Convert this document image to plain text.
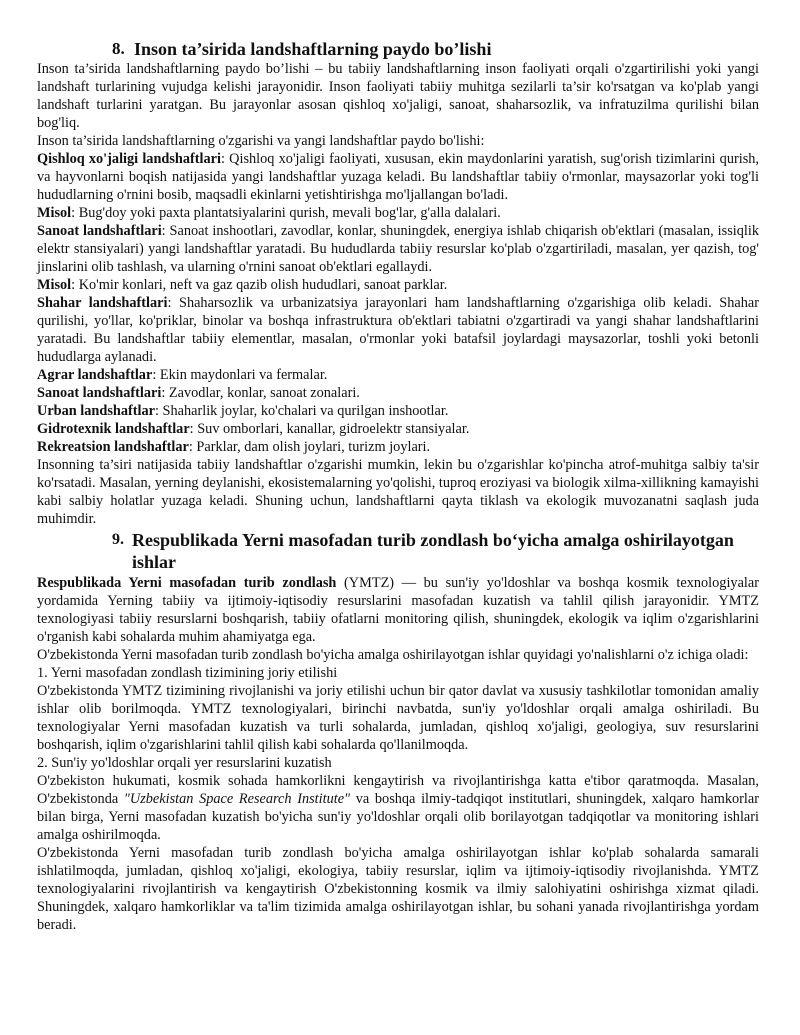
8. Inson ta’sirida landshaftlarning paydo bo’lishi

Inson ta’sirida landshaftlarning paydo bo’lishi – bu tabiiy landshaftlarning inson faoliyati orqali o'zgartirilishi yoki yangi landshaft turlarining vujudga kelishi jarayonidir. Inson faoliyati tabiiy muhitga sezilarli ta’sir ko'rsatgan va ko'plab yangi landshaft turlarini yaratgan. Bu jarayonlar asosan qishloq xo'jaligi, sanoat, shaharsozlik, va infratuzilma qurilishi bilan bog'liq.

Inson ta’sirida landshaftlarning o'zgarishi va yangi landshaftlar paydo bo'lishi:

Qishloq xo'jaligi landshaftlari: Qishloq xo'jaligi faoliyati, xususan, ekin maydonlarini yaratish, sug'orish tizimlarini qurish, va hayvonlarni boqish natijasida yangi landshaftlar yuzaga keladi. Bu landshaftlar tabiiy o'rmonlar, maysazorlar yoki tog'li hududlarning o'rnini bosib, maqsadli ekinlarni yetishtirishga mo'ljallangan bo'ladi.

Misol: Bug'doy yoki paxta plantatsiyalarini qurish, mevali bog'lar, g'alla dalalari.

Sanoat landshaftlari: Sanoat inshootlari, zavodlar, konlar, shuningdek, energiya ishlab chiqarish ob'ektlari (masalan, issiqlik elektr stansiyalari) yangi landshaftlar yaratadi. Bu hududlarda tabiiy resurslar ko'plab o'zgartiriladi, masalan, yer qazish, tog' jinslarini olib tashlash, va ularning o'rnini sanoat ob'ektlari egallaydi.

Misol: Ko'mir konlari, neft va gaz qazib olish hududlari, sanoat parklar.

Shahar landshaftlari: Shaharsozlik va urbanizatsiya jarayonlari ham landshaftlarning o'zgarishiga olib keladi. Shahar qurilishi, yo'llar, ko'priklar, binolar va boshqa infrastruktura ob'ektlari tabiatni o'zgartiradi va yangi shahar landshaftlarini yaratadi. Bu landshaftlar tabiiy elementlar, masalan, o'rmonlar yoki batafsil joylardagi maysazorlar, toshli yoki betonli hududlarga aylanadi.

Agrar landshaftlar: Ekin maydonlari va fermalar.

Sanoat landshaftlari: Zavodlar, konlar, sanoat zonalari.

Urban landshaftlar: Shaharlik joylar, ko'chalari va qurilgan inshootlar.

Gidrotexnik landshaftlar: Suv omborlari, kanallar, gidroelektr stansiyalar.

Rekreatsion landshaftlar: Parklar, dam olish joylari, turizm joylari.

Insonning ta’siri natijasida tabiiy landshaftlar o'zgarishi mumkin, lekin bu o'zgarishlar ko'pincha atrof-muhitga salbiy ta'sir ko'rsatadi. Masalan, yerning deylanishi, ekosistemalarning yo'qolishi, tuproq eroziyasi va biologik xilma-xillikning kamayishi kabi salbiy holatlar yuzaga keladi. Shuning uchun, landshaftlarni qayta tiklash va ekologik muvozanatni saqlash juda muhimdir.

9. Respublikada Yerni masofadan turib zondlash bo‘yicha amalga oshirilayotgan ishlar

Respublikada Yerni masofadan turib zondlash (YMTZ) — bu sun'iy yo'ldoshlar va boshqa kosmik texnologiyalar yordamida Yerning tabiiy va ijtimoiy-iqtisodiy resurslarini masofadan kuzatish va tahlil qilish jarayonidir. YMTZ texnologiyasi tabiiy resurslarni boshqarish, tabiiy ofatlarni monitoring qilish, shuningdek, ekologik va iqlim o'zgarishlarini o'rganish kabi sohalarda muhim ahamiyatga ega.

O'zbekistonda Yerni masofadan turib zondlash bo'yicha amalga oshirilayotgan ishlar quyidagi yo'nalishlarni o'z ichiga oladi:

1. Yerni masofadan zondlash tizimining joriy etilishi

O'zbekistonda YMTZ tizimining rivojlanishi va joriy etilishi uchun bir qator davlat va xususiy tashkilotlar tomonidan amaliy ishlar olib borilmoqda. YMTZ texnologiyalari, birinchi navbatda, sun'iy yo'ldoshlar orqali amalga oshiriladi. Bu texnologiyalar Yerni masofadan kuzatish va turli sohalarda, jumladan, qishloq xo'jaligi, geologiya, suv resurslarini boshqarish, iqlim o'zgarishlarini tahlil qilish kabi sohalarda qo'llanilmoqda.

2. Sun'iy yo'ldoshlar orqali yer resurslarini kuzatish

O'zbekiston hukumati, kosmik sohada hamkorlikni kengaytirish va rivojlantirishga katta e'tibor qaratmoqda. Masalan, O'zbekistonda "Uzbekistan Space Research Institute" va boshqa ilmiy-tadqiqot institutlari, shuningdek, xalqaro hamkorlar bilan birga, Yerni masofadan kuzatish bo'yicha sun'iy yo'ldoshlar orqali olib borilayotgan tadqiqotlar va monitoring ishlari amalga oshirilmoqda.

O'zbekistonda Yerni masofadan turib zondlash bo'yicha amalga oshirilayotgan ishlar ko'plab sohalarda samarali ishlatilmoqda, jumladan, qishloq xo'jaligi, ekologiya, tabiiy resurslar, iqlim va ijtimoiy-iqtisodiy rivojlanishda. YMTZ texnologiyalarini rivojlantirish va kengaytirish O'zbekistonning kosmik va ilmiy salohiyatini oshirishga xizmat qiladi. Shuningdek, xalqaro hamkorliklar va ta'lim tizimida amalga oshirilayotgan ishlar, bu sohani yanada rivojlantirishga yordam beradi.
